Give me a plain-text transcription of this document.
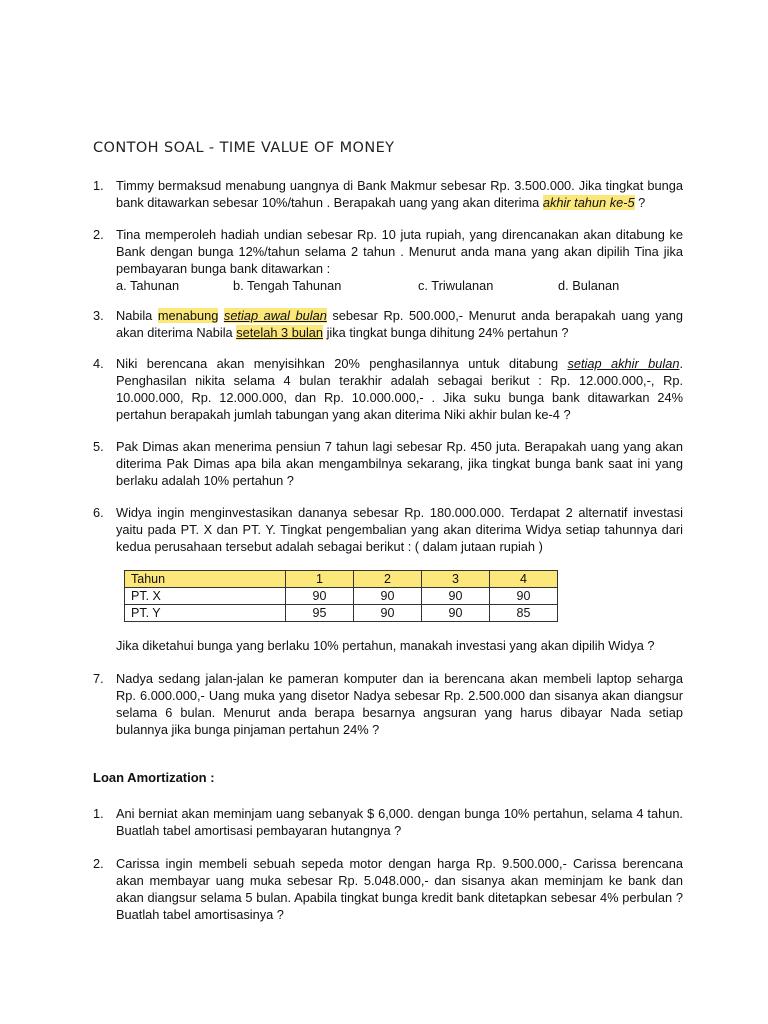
CONTOH SOAL - TIME VALUE OF MONEY
1. Timmy bermaksud menabung uangnya di Bank Makmur sebesar Rp. 3.500.000. Jika tingkat bunga bank ditawarkan sebesar 10%/tahun . Berapakah uang yang akan diterima akhir tahun ke-5 ?
2. Tina memperoleh hadiah undian sebesar Rp. 10 juta rupiah, yang direncanakan akan ditabung ke Bank dengan bunga 12%/tahun selama 2 tahun . Menurut anda mana yang akan dipilih Tina jika pembayaran bunga bank ditawarkan :
a. Tahunan	b. Tengah Tahunan	c. Triwulanan	d. Bulanan
3. Nabila menabung setiap awal bulan sebesar Rp. 500.000,- Menurut anda berapakah uang yang akan diterima Nabila setelah 3 bulan jika tingkat bunga dihitung 24% pertahun ?
4. Niki berencana akan menyisihkan 20% penghasilannya untuk ditabung setiap akhir bulan. Penghasilan nikita selama 4 bulan terakhir adalah sebagai berikut : Rp. 12.000.000,-, Rp. 10.000.000, Rp. 12.000.000, dan Rp. 10.000.000,- . Jika suku bunga bank ditawarkan 24% pertahun berapakah jumlah tabungan yang akan diterima Niki akhir bulan ke-4 ?
5. Pak Dimas akan menerima pensiun 7 tahun lagi sebesar Rp. 450 juta. Berapakah uang yang akan diterima Pak Dimas apa bila akan mengambilnya sekarang, jika tingkat bunga bank saat ini yang berlaku adalah 10% pertahun ?
6. Widya ingin menginvestasikan dananya sebesar Rp. 180.000.000. Terdapat 2 alternatif investasi yaitu pada PT. X dan PT. Y. Tingkat pengembalian yang akan diterima Widya setiap tahunnya dari kedua perusahaan tersebut adalah sebagai berikut : ( dalam jutaan rupiah )
Tahun	1	2	3	4
PT. X	90	90	90	90
PT. Y	95	90	90	85
Jika diketahui bunga yang berlaku 10% pertahun, manakah investasi yang akan dipilih Widya ?
7. Nadya sedang jalan-jalan ke pameran komputer dan ia berencana akan membeli laptop seharga Rp. 6.000.000,- Uang muka yang disetor Nadya sebesar Rp. 2.500.000 dan sisanya akan diangsur selama 6 bulan. Menurut anda berapa besarnya angsuran yang harus dibayar Nada setiap bulannya jika bunga pinjaman pertahun 24% ?
Loan Amortization :
1. Ani berniat akan meminjam uang sebanyak $ 6,000. dengan bunga 10% pertahun, selama 4 tahun. Buatlah tabel amortisasi pembayaran hutangnya ?
2. Carissa ingin membeli sebuah sepeda motor dengan harga Rp. 9.500.000,- Carissa berencana akan membayar uang muka sebesar Rp. 5.048.000,- dan sisanya akan meminjam ke bank dan akan diangsur selama 5 bulan. Apabila tingkat bunga kredit bank ditetapkan sebesar 4% perbulan ? Buatlah tabel amortisasinya ?
